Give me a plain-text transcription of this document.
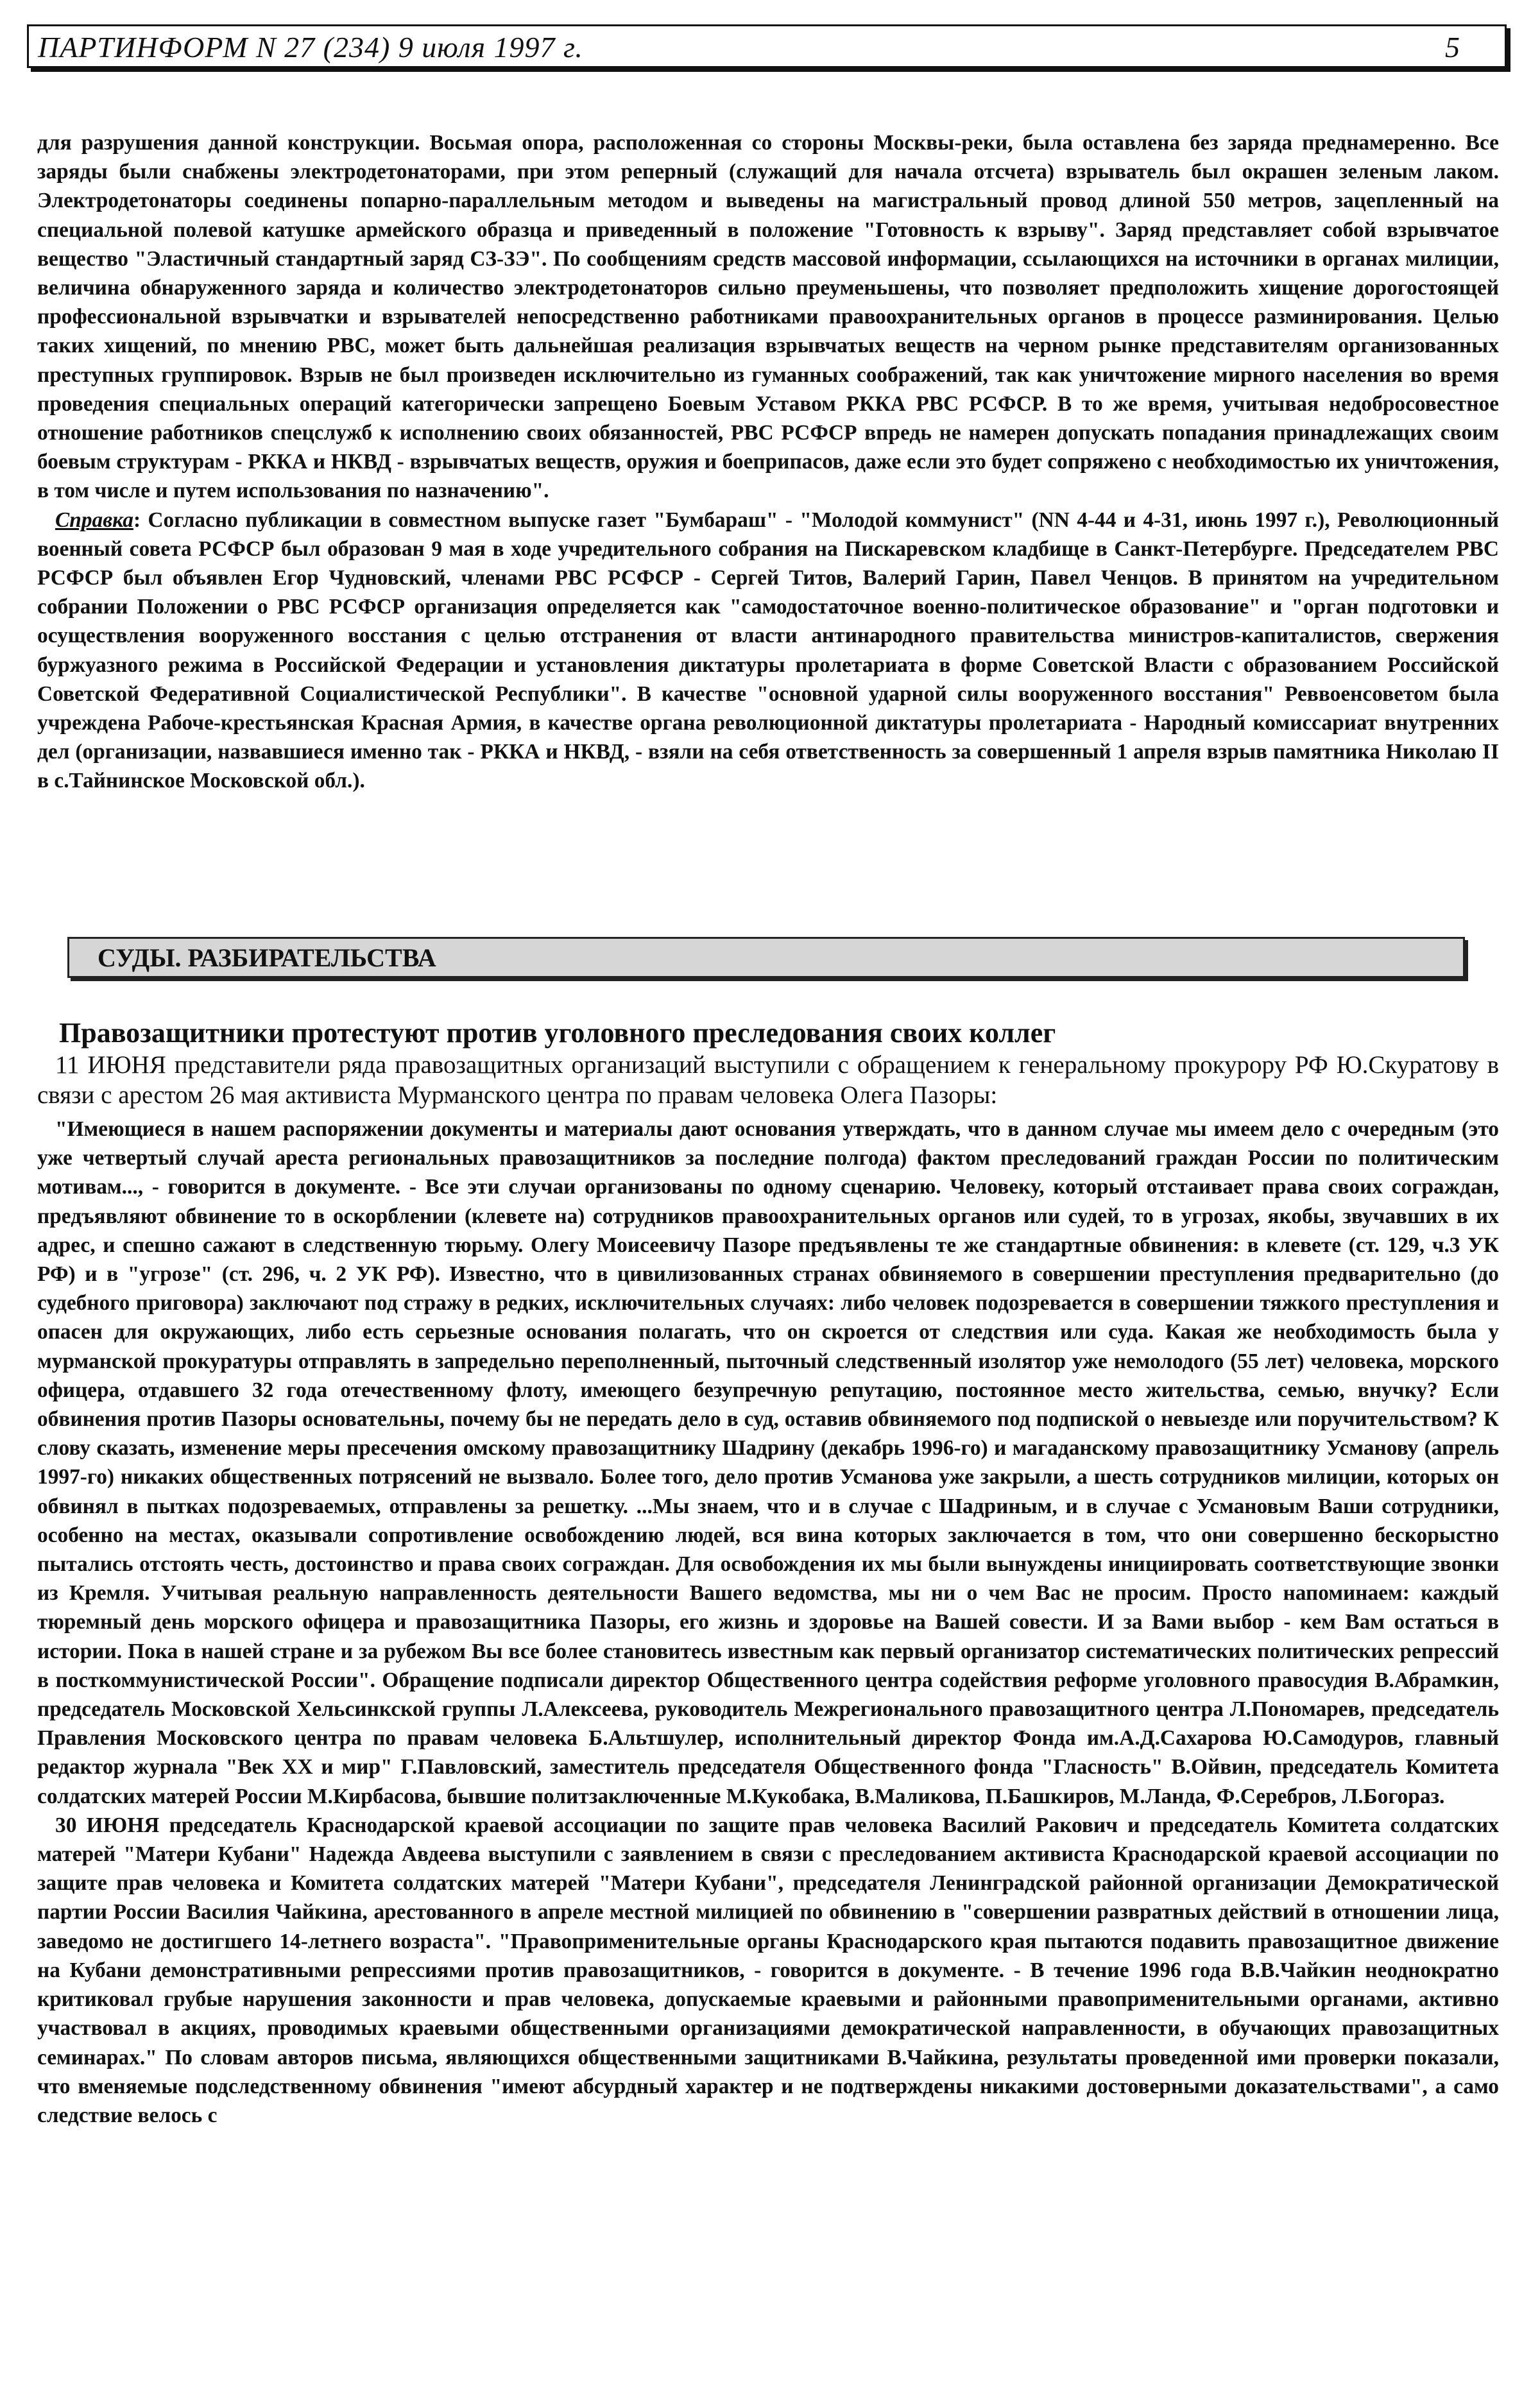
ПАРТИНФОРМ N 27 (234) 9 июля 1997 г.	5

для разрушения данной конструкции. Восьмая опора, расположенная со стороны Москвы-реки, была оставлена без заряда преднамеренно. Все заряды были снабжены электродетонаторами, при этом реперный (служащий для начала отсчета) взрыватель был окрашен зеленым лаком. Электродетонаторы соединены попарно-параллельным методом и выведены на магистральный провод длиной 550 метров, зацепленный на специальной полевой катушке армейского образца и приведенный в положение "Готовность к взрыву". Заряд представляет собой взрывчатое вещество "Эластичный стандартный заряд СЗ-ЗЭ". По сообщениям средств массовой информации, ссылающихся на источники в органах милиции, величина обнаруженного заряда и количество электродетонаторов сильно преуменьшены, что позволяет предположить хищение дорогостоящей профессиональной взрывчатки и взрывателей непосредственно работниками правоохранительных органов в процессе разминирования. Целью таких хищений, по мнению РВС, может быть дальнейшая реализация взрывчатых веществ на черном рынке представителям организованных преступных группировок. Взрыв не был произведен исключительно из гуманных соображений, так как уничтожение мирного населения во время проведения специальных операций категорически запрещено Боевым Уставом РККА РВС РСФСР. В то же время, учитывая недобросовестное отношение работников спецслужб к исполнению своих обязанностей, РВС РСФСР впредь не намерен допускать попадания принадлежащих своим боевым структурам - РККА и НКВД - взрывчатых веществ, оружия и боеприпасов, даже если это будет сопряжено с необходимостью их уничтожения, в том числе и путем использования по назначению".

Справка: Согласно публикации в совместном выпуске газет "Бумбараш" - "Молодой коммунист" (NN 4-44 и 4-31, июнь 1997 г.), Революционный военный совета РСФСР был образован 9 мая в ходе учредительного собрания на Пискаревском кладбище в Санкт-Петербурге. Председателем РВС РСФСР был объявлен Егор Чудновский, членами РВС РСФСР - Сергей Титов, Валерий Гарин, Павел Ченцов. В принятом на учредительном собрании Положении о РВС РСФСР организация определяется как "самодостаточное военно-политическое образование" и "орган подготовки и осуществления вооруженного восстания с целью отстранения от власти антинародного правительства министров-капиталистов, свержения буржуазного режима в Российской Федерации и установления диктатуры пролетариата в форме Советской Власти с образованием Российской Советской Федеративной Социалистической Республики". В качестве "основной ударной силы вооруженного восстания" Реввоенсоветом была учреждена Рабоче-крестьянская Красная Армия, в качестве органа революционной диктатуры пролетариата - Народный комиссариат внутренних дел (организации, назвавшиеся именно так - РККА и НКВД, - взяли на себя ответственность за совершенный 1 апреля взрыв памятника Николаю II в с.Тайнинское Московской обл.).

СУДЫ. РАЗБИРАТЕЛЬСТВА
Правозащитники протестуют против уголовного преследования своих коллег

11 ИЮНЯ представители ряда правозащитных организаций выступили с обращением к генеральному прокурору РФ Ю.Скуратову в связи с арестом 26 мая активиста Мурманского центра по правам человека Олега Пазоры:

"Имеющиеся в нашем распоряжении документы и материалы дают основания утверждать, что в данном случае мы имеем дело с очередным (это уже четвертый случай ареста региональных правозащитников за последние полгода) фактом преследований граждан России по политическим мотивам..., - говорится в документе. - Все эти случаи организованы по одному сценарию. Человеку, который отстаивает права своих сограждан, предъявляют обвинение то в оскорблении (клевете на) сотрудников правоохранительных органов или судей, то в угрозах, якобы, звучавших в их адрес, и спешно сажают в следственную тюрьму. Олегу Моисеевичу Пазоре предъявлены те же стандартные обвинения: в клевете (ст. 129, ч.3 УК РФ) и в "угрозе" (ст. 296, ч. 2 УК РФ). Известно, что в цивилизованных странах обвиняемого в совершении преступления предварительно (до судебного приговора) заключают под стражу в редких, исключительных случаях: либо человек подозревается в совершении тяжкого преступления и опасен для окружающих, либо есть серьезные основания полагать, что он скроется от следствия или суда. Какая же необходимость была у мурманской прокуратуры отправлять в запредельно переполненный, пыточный следственный изолятор уже немолодого (55 лет) человека, морского офицера, отдавшего 32 года отечественному флоту, имеющего безупречную репутацию, постоянное место жительства, семью, внучку? Если обвинения против Пазоры основательны, почему бы не передать дело в суд, оставив обвиняемого под подпиской о невыезде или поручительством? К слову сказать, изменение меры пресечения омскому правозащитнику Шадрину (декабрь 1996-го) и магаданскому правозащитнику Усманову (апрель 1997-го) никаких общественных потрясений не вызвало. Более того, дело против Усманова уже закрыли, а шесть сотрудников милиции, которых он обвинял в пытках подозреваемых, отправлены за решетку. ...Мы знаем, что и в случае с Шадриным, и в случае с Усмановым Ваши сотрудники, особенно на местах, оказывали сопротивление освобождению людей, вся вина которых заключается в том, что они совершенно бескорыстно пытались отстоять честь, достоинство и права своих сограждан. Для освобождения их мы были вынуждены инициировать соответствующие звонки из Кремля. Учитывая реальную направленность деятельности Вашего ведомства, мы ни о чем Вас не просим. Просто напоминаем: каждый тюремный день морского офицера и правозащитника Пазоры, его жизнь и здоровье на Вашей совести. И за Вами выбор - кем Вам остаться в истории. Пока в нашей стране и за рубежом Вы все более становитесь известным как первый организатор систематических политических репрессий в посткоммунистической России". Обращение подписали директор Общественного центра содействия реформе уголовного правосудия В.Абрамкин, председатель Московской Хельсинкской группы Л.Алексеева, руководитель Межрегионального правозащитного центра Л.Пономарев, председатель Правления Московского центра по правам человека Б.Альтшулер, исполнительный директор Фонда им.А.Д.Сахарова Ю.Самодуров, главный редактор журнала "Век XX и мир" Г.Павловский, заместитель председателя Общественного фонда "Гласность" В.Ойвин, председатель Комитета солдатских матерей России М.Кирбасова, бывшие политзаключенные М.Кукобака, В.Маликова, П.Башкиров, М.Ланда, Ф.Серебров, Л.Богораз.

30 ИЮНЯ председатель Краснодарской краевой ассоциации по защите прав человека Василий Ракович и председатель Комитета солдатских матерей "Матери Кубани" Надежда Авдеева выступили с заявлением в связи с преследованием активиста Краснодарской краевой ассоциации по защите прав человека и Комитета солдатских матерей "Матери Кубани", председателя Ленинградской районной организации Демократической партии России Василия Чайкина, арестованного в апреле местной милицией по обвинению в "совершении развратных действий в отношении лица, заведомо не достигшего 14-летнего возраста". "Правоприменительные органы Краснодарского края пытаются подавить правозащитное движение на Кубани демонстративными репрессиями против правозащитников, - говорится в документе. - В течение 1996 года В.В.Чайкин неоднократно критиковал грубые нарушения законности и прав человека, допускаемые краевыми и районными правоприменительными органами, активно участвовал в акциях, проводимых краевыми общественными организациями демократической направленности, в обучающих правозащитных семинарах." По словам авторов письма, являющихся общественными защитниками В.Чайкина, результаты проведенной ими проверки показали, что вменяемые подследственному обвинения "имеют абсурдный характер и не подтверждены никакими достоверными доказательствами", а само следствие велось с
